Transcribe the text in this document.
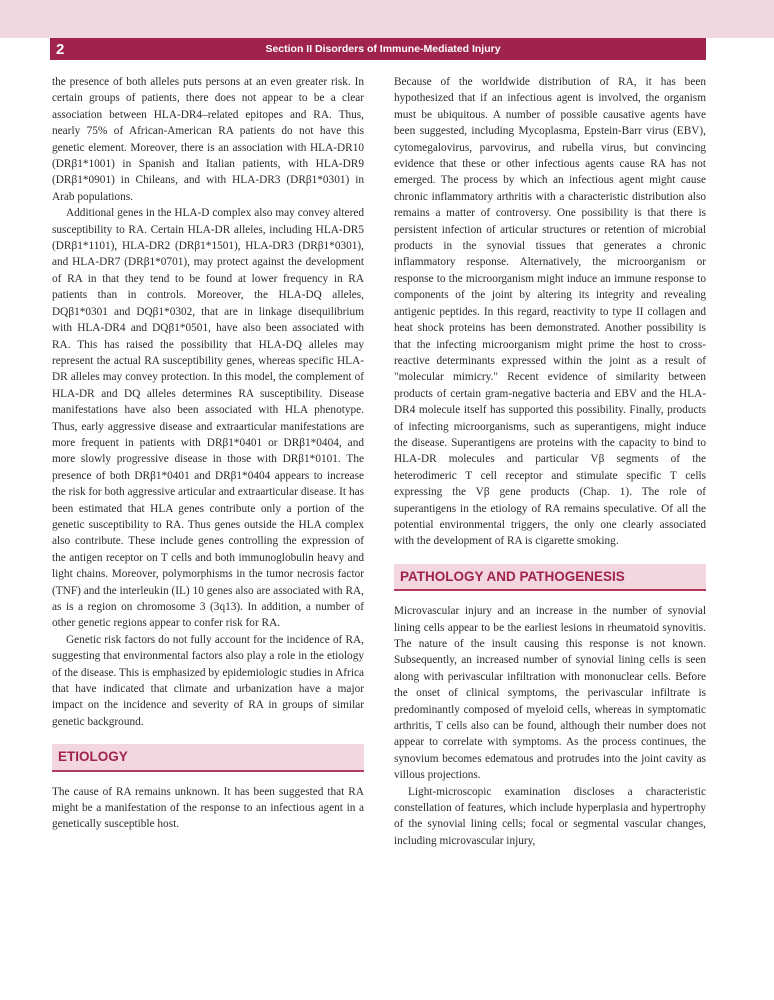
2	Section II Disorders of Immune-Mediated Injury

the presence of both alleles puts persons at an even greater risk. In certain groups of patients, there does not appear to be a clear association between HLA-DR4–related epitopes and RA. Thus, nearly 75% of African-American RA patients do not have this genetic element. Moreover, there is an association with HLA-DR10 (DRβ1*1001) in Spanish and Italian patients, with HLA-DR9 (DRβ1*0901) in Chileans, and with HLA-DR3 (DRβ1*0301) in Arab populations.

Additional genes in the HLA-D complex also may convey altered susceptibility to RA. Certain HLA-DR alleles, including HLA-DR5 (DRβ1*1101), HLA-DR2 (DRβ1*1501), HLA-DR3 (DRβ1*0301), and HLA-DR7 (DRβ1*0701), may protect against the development of RA in that they tend to be found at lower frequency in RA patients than in controls. Moreover, the HLA-DQ alleles, DQβ1*0301 and DQβ1*0302, that are in linkage disequilibrium with HLA-DR4 and DQβ1*0501, have also been associated with RA. This has raised the possibility that HLA-DQ alleles may represent the actual RA susceptibility genes, whereas specific HLA-DR alleles may convey protection. In this model, the complement of HLA-DR and DQ alleles determines RA susceptibility. Disease manifestations have also been associated with HLA phenotype. Thus, early aggressive disease and extraarticular manifestations are more frequent in patients with DRβ1*0401 or DRβ1*0404, and more slowly progressive disease in those with DRβ1*0101. The presence of both DRβ1*0401 and DRβ1*0404 appears to increase the risk for both aggressive articular and extraarticular disease. It has been estimated that HLA genes contribute only a portion of the genetic susceptibility to RA. Thus genes outside the HLA complex also contribute. These include genes controlling the expression of the antigen receptor on T cells and both immunoglobulin heavy and light chains. Moreover, polymorphisms in the tumor necrosis factor (TNF) and the interleukin (IL) 10 genes also are associated with RA, as is a region on chromosome 3 (3q13). In addition, a number of other genetic regions appear to confer risk for RA.

Genetic risk factors do not fully account for the incidence of RA, suggesting that environmental factors also play a role in the etiology of the disease. This is emphasized by epidemiologic studies in Africa that have indicated that climate and urbanization have a major impact on the incidence and severity of RA in groups of similar genetic background.

ETIOLOGY

The cause of RA remains unknown. It has been suggested that RA might be a manifestation of the response to an infectious agent in a genetically susceptible host.

Because of the worldwide distribution of RA, it has been hypothesized that if an infectious agent is involved, the organism must be ubiquitous. A number of possible causative agents have been suggested, including Mycoplasma, Epstein-Barr virus (EBV), cytomegalovirus, parvovirus, and rubella virus, but convincing evidence that these or other infectious agents cause RA has not emerged. The process by which an infectious agent might cause chronic inflammatory arthritis with a characteristic distribution also remains a matter of controversy. One possibility is that there is persistent infection of articular structures or retention of microbial products in the synovial tissues that generates a chronic inflammatory response. Alternatively, the microorganism or response to the microorganism might induce an immune response to components of the joint by altering its integrity and revealing antigenic peptides. In this regard, reactivity to type II collagen and heat shock proteins has been demonstrated. Another possibility is that the infecting microorganism might prime the host to cross-reactive determinants expressed within the joint as a result of "molecular mimicry." Recent evidence of similarity between products of certain gram-negative bacteria and EBV and the HLA-DR4 molecule itself has supported this possibility. Finally, products of infecting microorganisms, such as superantigens, might induce the disease. Superantigens are proteins with the capacity to bind to HLA-DR molecules and particular Vβ segments of the heterodimeric T cell receptor and stimulate specific T cells expressing the Vβ gene products (Chap. 1). The role of superantigens in the etiology of RA remains speculative. Of all the potential environmental triggers, the only one clearly associated with the development of RA is cigarette smoking.

PATHOLOGY AND PATHOGENESIS

Microvascular injury and an increase in the number of synovial lining cells appear to be the earliest lesions in rheumatoid synovitis. The nature of the insult causing this response is not known. Subsequently, an increased number of synovial lining cells is seen along with perivascular infiltration with mononuclear cells. Before the onset of clinical symptoms, the perivascular infiltrate is predominantly composed of myeloid cells, whereas in symptomatic arthritis, T cells also can be found, although their number does not appear to correlate with symptoms. As the process continues, the synovium becomes edematous and protrudes into the joint cavity as villous projections.

Light-microscopic examination discloses a characteristic constellation of features, which include hyperplasia and hypertrophy of the synovial lining cells; focal or segmental vascular changes, including microvascular injury,
